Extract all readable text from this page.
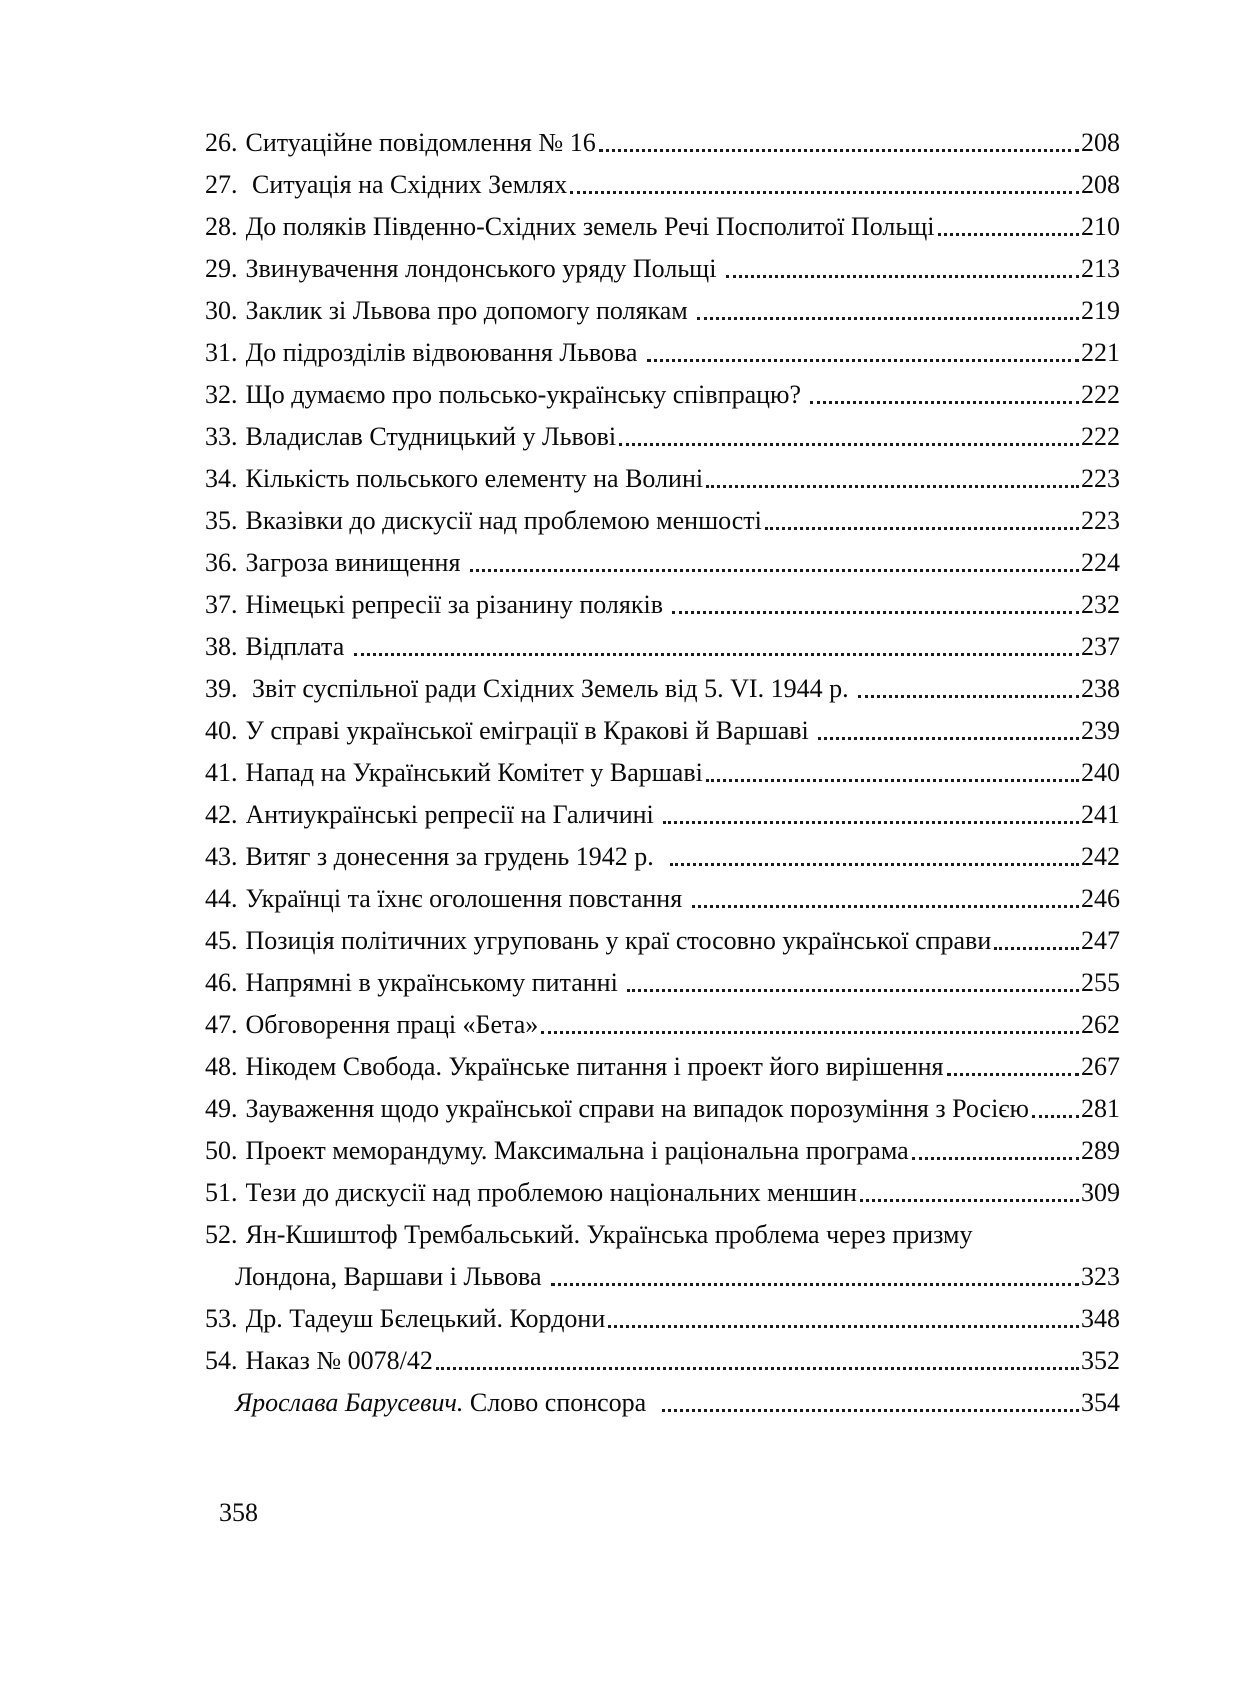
26. Ситуаційне повідомлення № 16	208
27. Ситуація на Східних Землях	208
28. До поляків Південно-Східних земель Речі Посполитої Польщі	210
29. Звинувачення лондонського уряду Польщі	213
30. Заклик зі Львова про допомогу полякам	219
31. До підрозділів відвоювання Львова	221
32. Що думаємо про польсько-українську співпрацю?	222
33. Владислав Студницький у Львові	222
34. Кількість польського елементу на Волині	223
35. Вказівки до дискусії над проблемою меншості	223
36. Загроза винищення	224
37. Німецькі репресії за різанину поляків	232
38. Відплата	237
39. Звіт суспільної ради Східних Земель від 5. VI. 1944 р.	238
40. У справі української еміграції в Кракові й Варшаві	239
41. Напад на Український Комітет у Варшаві	240
42. Антиукраїнські репресії на Галичині	241
43. Витяг з донесення за грудень 1942 р.	242
44. Українці та їхнє оголошення повстання	246
45. Позиція політичних угруповань у краї стосовно української справи	247
46. Напрямні в українському питанні	255
47. Обговорення праці «Бета»	262
48. Нікодем Свобода. Українське питання і проект його вирішення	267
49. Зауваження щодо української справи на випадок порозуміння з Росією 281
50. Проект меморандуму. Максимальна і раціональна програма	289
51. Тези до дискусії над проблемою національних меншин	309
52. Ян-Кшиштоф Трембальський. Українська проблема через призму
Лондона, Варшави і Львова	323
53. Др. Тадеуш Бєлецький. Кордони	348
54. Наказ № 0078/42	352
Ярослава Барусевич. Слово спонсора	354
358
